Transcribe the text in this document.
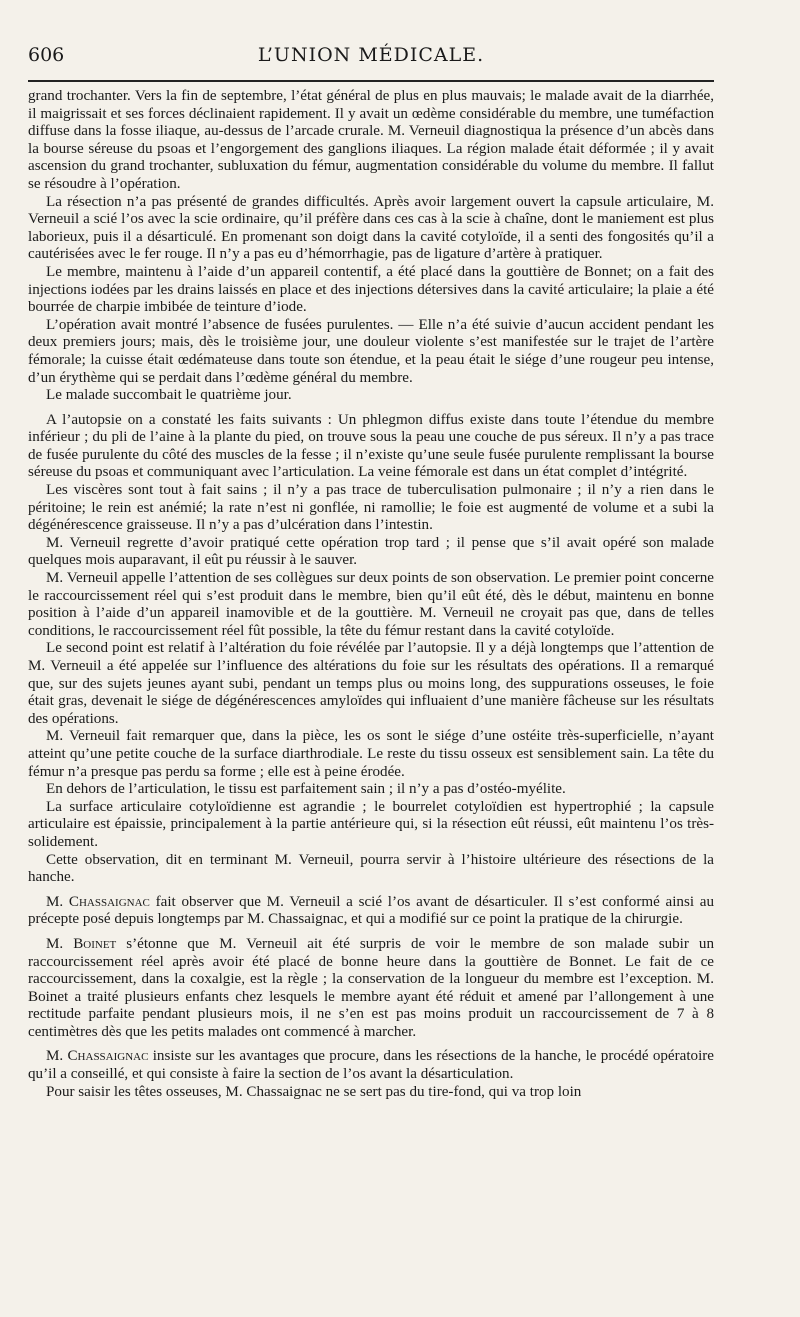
606	L’UNION MÉDICALE.

grand trochanter. Vers la fin de septembre, l’état général de plus en plus mauvais; le malade avait de la diarrhée, il maigrissait et ses forces déclinaient rapidement. Il y avait un œdème considérable du membre, une tuméfaction diffuse dans la fosse iliaque, au-dessus de l’arcade crurale. M. Verneuil diagnostiqua la présence d’un abcès dans la bourse séreuse du psoas et l’engorgement des ganglions iliaques. La région malade était déformée ; il y avait ascension du grand trochanter, subluxation du fémur, augmentation considérable du volume du membre. Il fallut se résoudre à l’opération.

La résection n’a pas présenté de grandes difficultés. Après avoir largement ouvert la capsule articulaire, M. Verneuil a scié l’os avec la scie ordinaire, qu’il préfère dans ces cas à la scie à chaîne, dont le maniement est plus laborieux, puis il a désarticulé. En promenant son doigt dans la cavité cotyloïde, il a senti des fongosités qu’il a cautérisées avec le fer rouge. Il n’y a pas eu d’hémorrhagie, pas de ligature d’artère à pratiquer.

Le membre, maintenu à l’aide d’un appareil contentif, a été placé dans la gouttière de Bonnet; on a fait des injections iodées par les drains laissés en place et des injections détersives dans la cavité articulaire; la plaie a été bourrée de charpie imbibée de teinture d’iode.

L’opération avait montré l’absence de fusées purulentes. — Elle n’a été suivie d’aucun accident pendant les deux premiers jours; mais, dès le troisième jour, une douleur violente s’est manifestée sur le trajet de l’artère fémorale; la cuisse était œdémateuse dans toute son étendue, et la peau était le siége d’une rougeur peu intense, d’un érythème qui se perdait dans l’œdème général du membre.

Le malade succombait le quatrième jour.

A l’autopsie on a constaté les faits suivants : Un phlegmon diffus existe dans toute l’étendue du membre inférieur ; du pli de l’aine à la plante du pied, on trouve sous la peau une couche de pus séreux. Il n’y a pas trace de fusée purulente du côté des muscles de la fesse ; il n’existe qu’une seule fusée purulente remplissant la bourse séreuse du psoas et communiquant avec l’articulation. La veine fémorale est dans un état complet d’intégrité.

Les viscères sont tout à fait sains ; il n’y a pas trace de tuberculisation pulmonaire ; il n’y a rien dans le péritoine; le rein est anémié; la rate n’est ni gonflée, ni ramollie; le foie est augmenté de volume et a subi la dégénérescence graisseuse. Il n’y a pas d’ulcération dans l’intestin.

M. Verneuil regrette d’avoir pratiqué cette opération trop tard ; il pense que s’il avait opéré son malade quelques mois auparavant, il eût pu réussir à le sauver.

M. Verneuil appelle l’attention de ses collègues sur deux points de son observation. Le premier point concerne le raccourcissement réel qui s’est produit dans le membre, bien qu’il eût été, dès le début, maintenu en bonne position à l’aide d’un appareil inamovible et de la gouttière. M. Verneuil ne croyait pas que, dans de telles conditions, le raccourcissement réel fût possible, la tête du fémur restant dans la cavité cotyloïde.

Le second point est relatif à l’altération du foie révélée par l’autopsie. Il y a déjà longtemps que l’attention de M. Verneuil a été appelée sur l’influence des altérations du foie sur les résultats des opérations. Il a remarqué que, sur des sujets jeunes ayant subi, pendant un temps plus ou moins long, des suppurations osseuses, le foie était gras, devenait le siége de dégénérescences amyloïdes qui influaient d’une manière fâcheuse sur les résultats des opérations.

M. Verneuil fait remarquer que, dans la pièce, les os sont le siége d’une ostéite très-superficielle, n’ayant atteint qu’une petite couche de la surface diarthrodiale. Le reste du tissu osseux est sensiblement sain. La tête du fémur n’a presque pas perdu sa forme ; elle est à peine érodée.

En dehors de l’articulation, le tissu est parfaitement sain ; il n’y a pas d’ostéo-myélite.

La surface articulaire cotyloïdienne est agrandie ; le bourrelet cotyloïdien est hypertrophié ; la capsule articulaire est épaissie, principalement à la partie antérieure qui, si la résection eût réussi, eût maintenu l’os très-solidement.

Cette observation, dit en terminant M. Verneuil, pourra servir à l’histoire ultérieure des résections de la hanche.

M. Chassaignac fait observer que M. Verneuil a scié l’os avant de désarticuler. Il s’est conformé ainsi au précepte posé depuis longtemps par M. Chassaignac, et qui a modifié sur ce point la pratique de la chirurgie.

M. Boinet s’étonne que M. Verneuil ait été surpris de voir le membre de son malade subir un raccourcissement réel après avoir été placé de bonne heure dans la gouttière de Bonnet. Le fait de ce raccourcissement, dans la coxalgie, est la règle ; la conservation de la longueur du membre est l’exception. M. Boinet a traité plusieurs enfants chez lesquels le membre ayant été réduit et amené par l’allongement à une rectitude parfaite pendant plusieurs mois, il ne s’en est pas moins produit un raccourcissement de 7 à 8 centimètres dès que les petits malades ont commencé à marcher.

M. Chassaignac insiste sur les avantages que procure, dans les résections de la hanche, le procédé opératoire qu’il a conseillé, et qui consiste à faire la section de l’os avant la désarticulation.

Pour saisir les têtes osseuses, M. Chassaignac ne se sert pas du tire-fond, qui va trop loin
